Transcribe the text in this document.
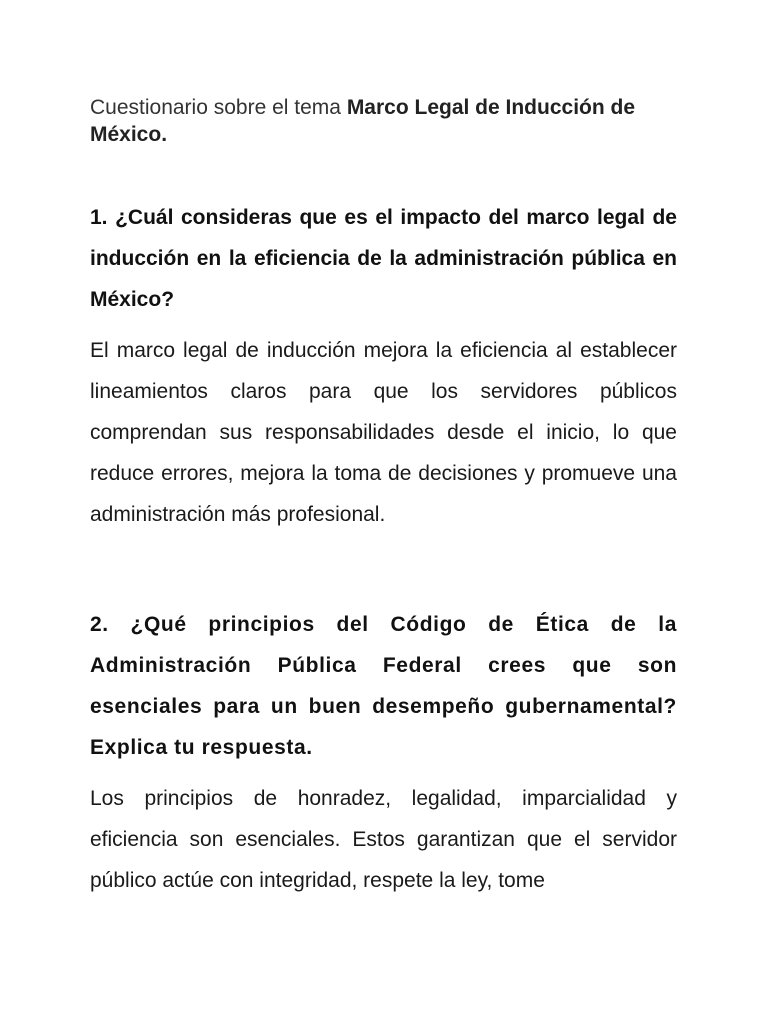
Cuestionario sobre el tema Marco Legal de Inducción de México.

1. ¿Cuál consideras que es el impacto del marco legal de inducción en la eficiencia de la administración pública en México?

El marco legal de inducción mejora la eficiencia al establecer lineamientos claros para que los servidores públicos comprendan sus responsabilidades desde el inicio, lo que reduce errores, mejora la toma de decisiones y promueve una administración más profesional.

2. ¿Qué principios del Código de Ética de la Administración Pública Federal crees que son esenciales para un buen desempeño gubernamental? Explica tu respuesta.

Los principios de honradez, legalidad, imparcialidad y eficiencia son esenciales. Estos garantizan que el servidor público actúe con integridad, respete la ley, tome
